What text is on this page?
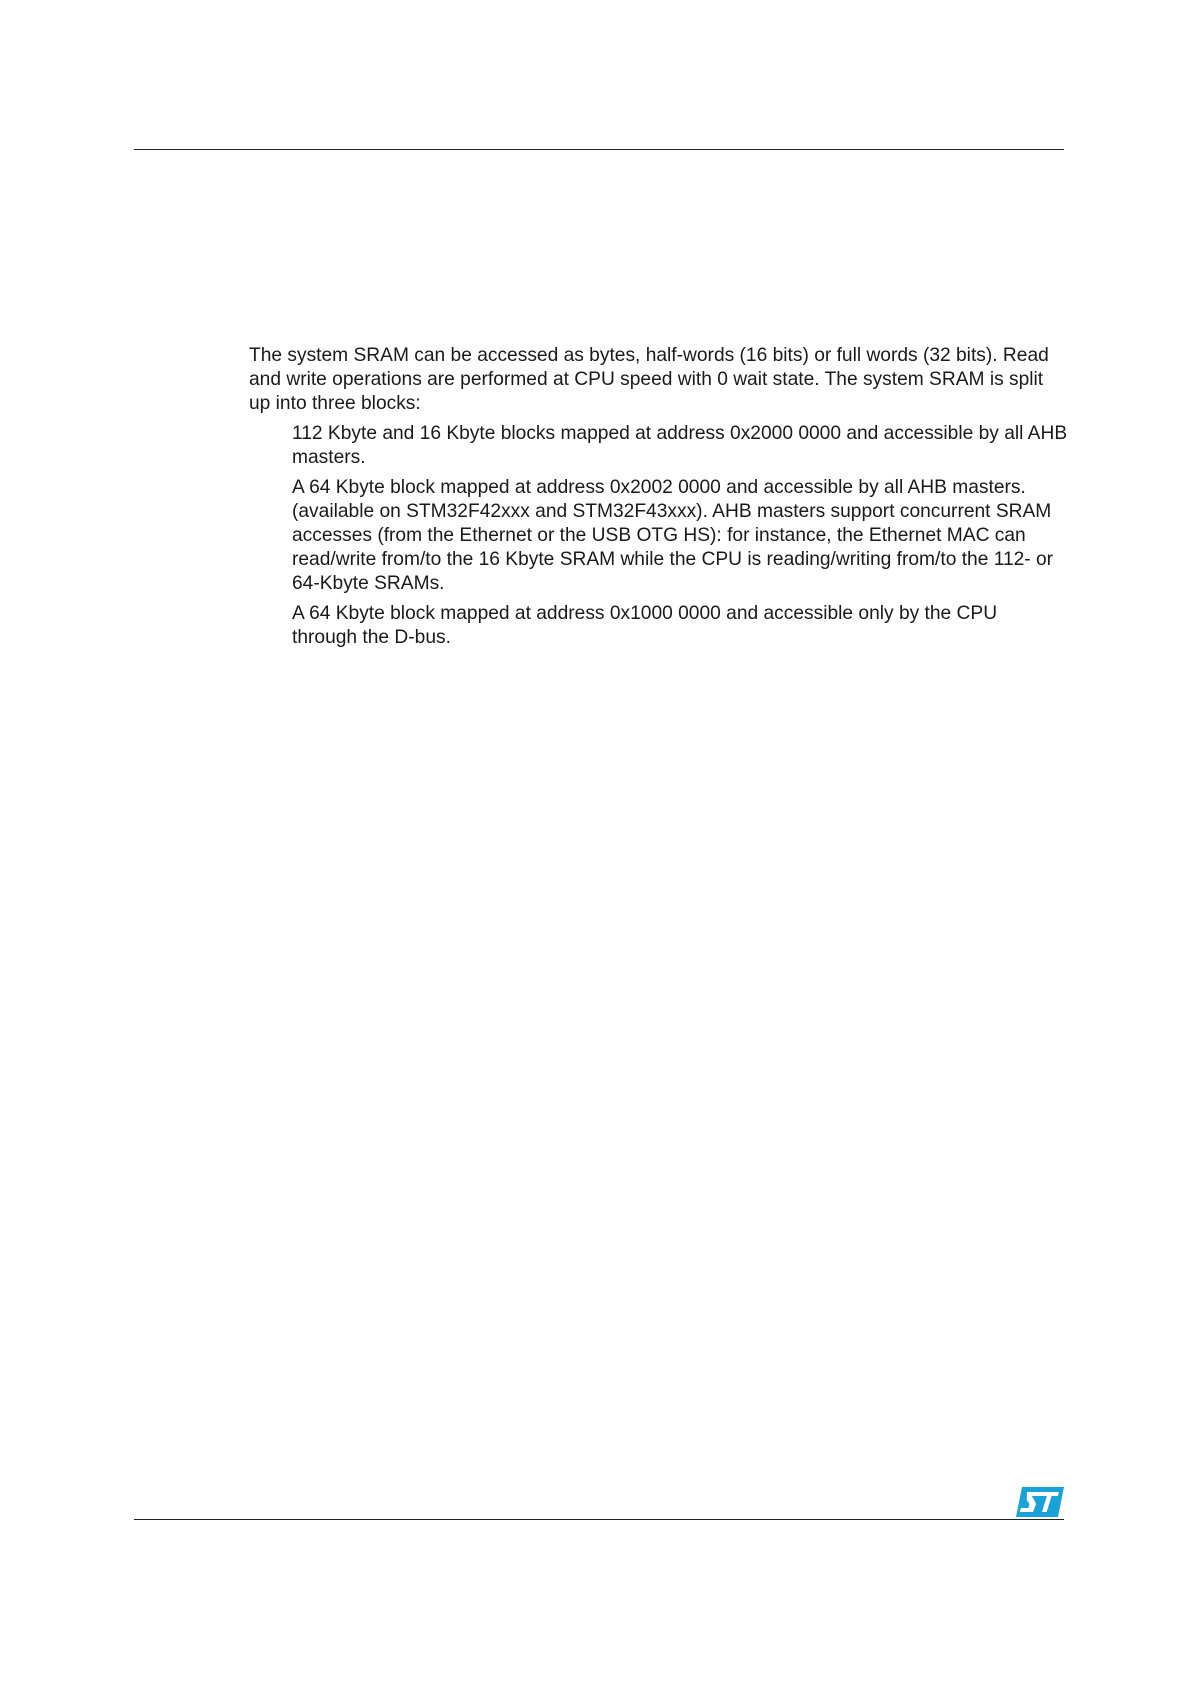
The system SRAM can be accessed as bytes, half-words (16 bits) or full words (32 bits). Read and write operations are performed at CPU speed with 0 wait state. The system SRAM is split up into three blocks:

112 Kbyte and 16 Kbyte blocks mapped at address 0x2000 0000 and accessible by all AHB masters.
A 64 Kbyte block mapped at address 0x2002 0000 and accessible by all AHB masters. (available on STM32F42xxx and STM32F43xxx). AHB masters support concurrent SRAM accesses (from the Ethernet or the USB OTG HS): for instance, the Ethernet MAC can read/write from/to the 16 Kbyte SRAM while the CPU is reading/writing from/to the 112- or 64-Kbyte SRAMs.
A 64 Kbyte block mapped at address 0x1000 0000 and accessible only by the CPU through the D-bus.
